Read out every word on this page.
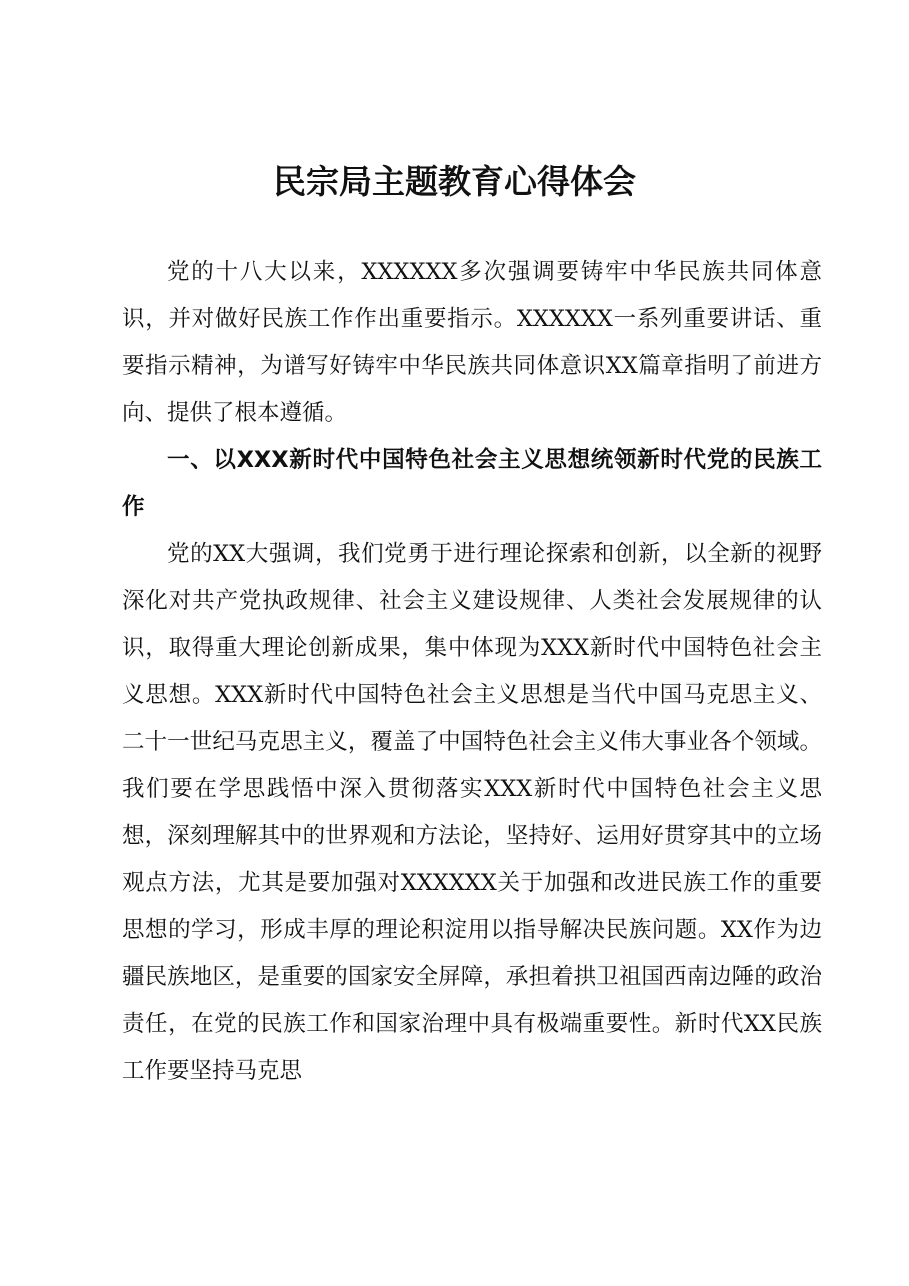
民宗局主题教育心得体会

党的十八大以来，XXXXXX多次强调要铸牢中华民族共同体意识，并对做好民族工作作出重要指示。XXXXXX一系列重要讲话、重要指示精神，为谱写好铸牢中华民族共同体意识XX篇章指明了前进方向、提供了根本遵循。

一、以XXX新时代中国特色社会主义思想统领新时代党的民族工作

党的XX大强调，我们党勇于进行理论探索和创新，以全新的视野深化对共产党执政规律、社会主义建设规律、人类社会发展规律的认识，取得重大理论创新成果，集中体现为XXX新时代中国特色社会主义思想。XXX新时代中国特色社会主义思想是当代中国马克思主义、二十一世纪马克思主义，覆盖了中国特色社会主义伟大事业各个领域。我们要在学思践悟中深入贯彻落实XXX新时代中国特色社会主义思想，深刻理解其中的世界观和方法论，坚持好、运用好贯穿其中的立场观点方法，尤其是要加强对XXXXXX关于加强和改进民族工作的重要思想的学习，形成丰厚的理论积淀用以指导解决民族问题。XX作为边疆民族地区，是重要的国家安全屏障，承担着拱卫祖国西南边陲的政治责任，在党的民族工作和国家治理中具有极端重要性。新时代XX民族工作要坚持马克思
